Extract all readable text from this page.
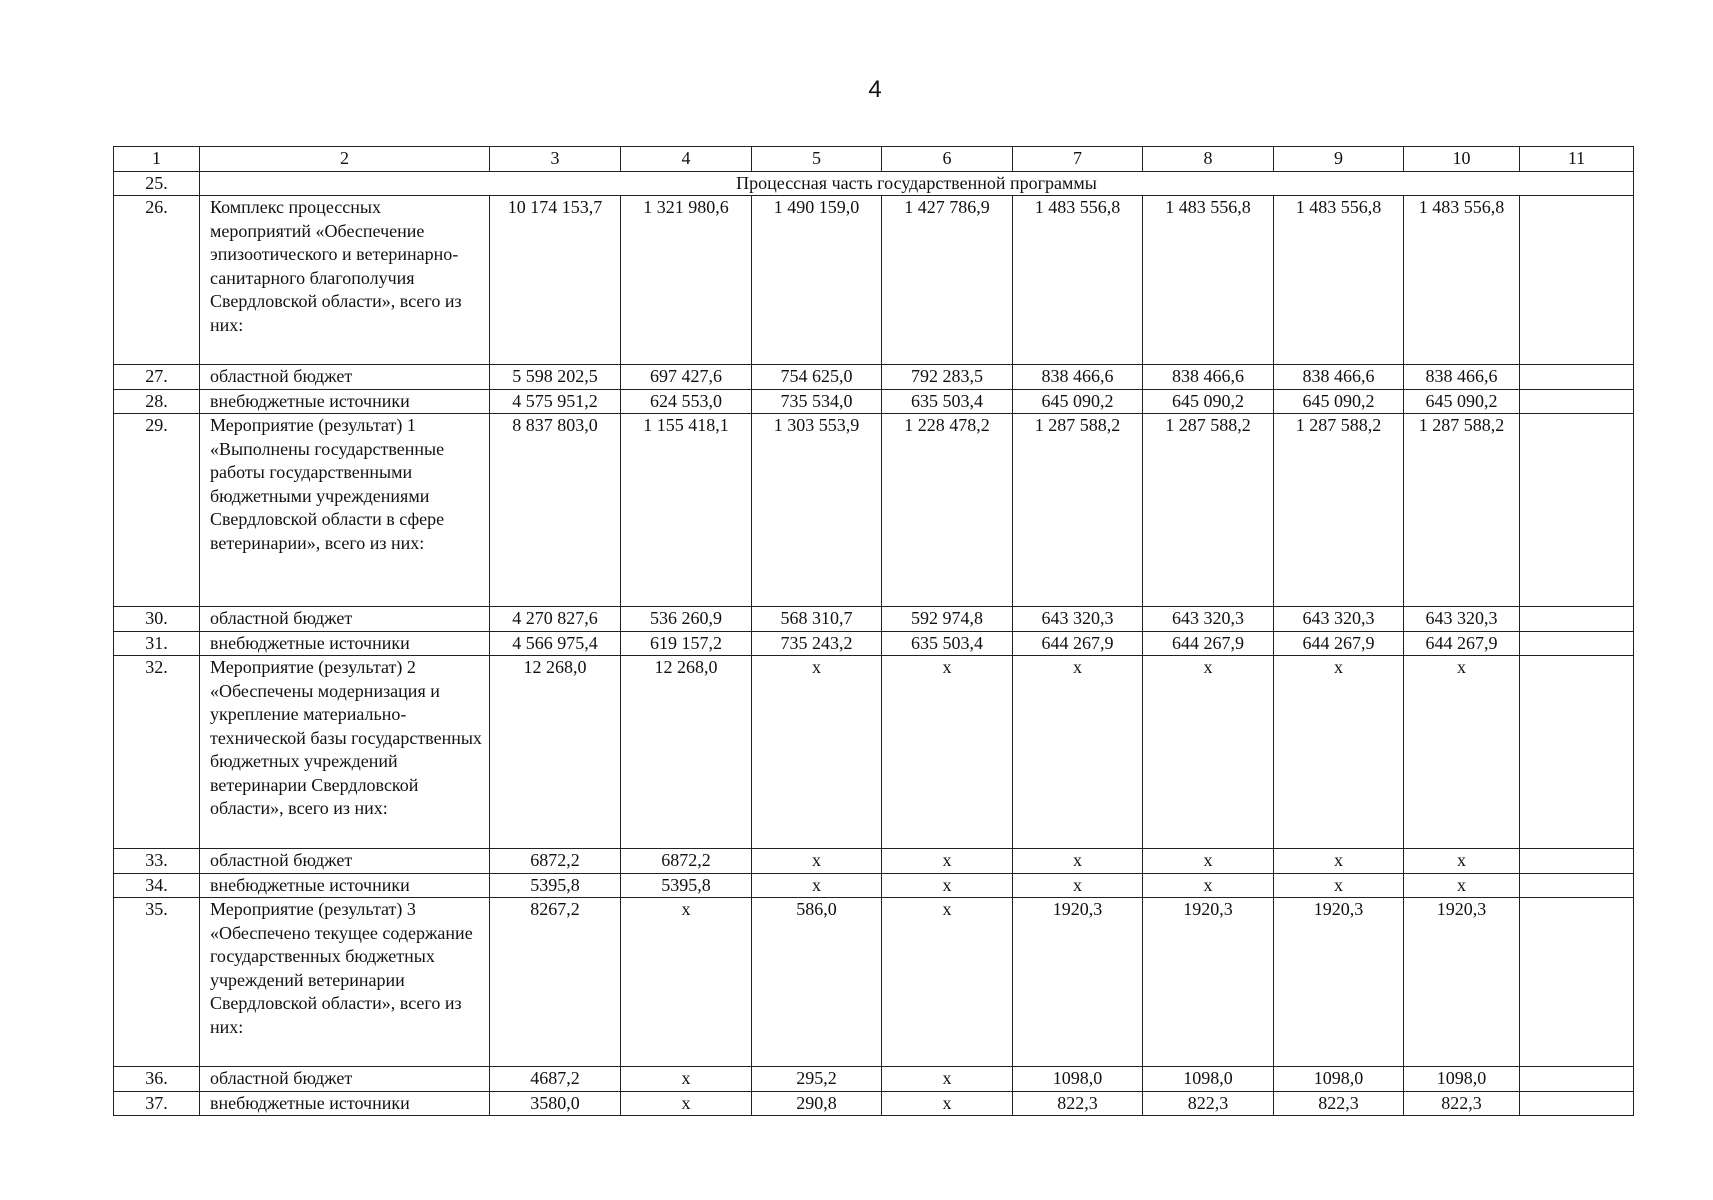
4
1	2	3	4	5	6	7	8	9	10	11
25.	Процессная часть государственной программы									
26.	Комплекс процессных мероприятий «Обеспечение эпизоотического и ветеринарно-санитарного благополучия Свердловской области», всего из них:	10 174 153,7	1 321 980,6	1 490 159,0	1 427 786,9	1 483 556,8	1 483 556,8	1 483 556,8	1 483 556,8	
27.	областной бюджет	5 598 202,5	697 427,6	754 625,0	792 283,5	838 466,6	838 466,6	838 466,6	838 466,6	
28.	внебюджетные источники	4 575 951,2	624 553,0	735 534,0	635 503,4	645 090,2	645 090,2	645 090,2	645 090,2	
29.	Мероприятие (результат) 1 «Выполнены государственные работы государственными бюджетными учреждениями Свердловской области в сфере ветеринарии», всего из них:	8 837 803,0	1 155 418,1	1 303 553,9	1 228 478,2	1 287 588,2	1 287 588,2	1 287 588,2	1 287 588,2	
30.	областной бюджет	4 270 827,6	536 260,9	568 310,7	592 974,8	643 320,3	643 320,3	643 320,3	643 320,3	
31.	внебюджетные источники	4 566 975,4	619 157,2	735 243,2	635 503,4	644 267,9	644 267,9	644 267,9	644 267,9	
32.	Мероприятие (результат) 2 «Обеспечены модернизация и укрепление материально-технической базы государственных бюджетных учреждений ветеринарии Свердловской области», всего из них:	12 268,0	12 268,0	х	х	х	х	х	х	
33.	областной бюджет	6872,2	6872,2	х	х	х	х	х	х	
34.	внебюджетные источники	5395,8	5395,8	х	х	х	х	х	х	
35.	Мероприятие (результат) 3 «Обеспечено текущее содержание государственных бюджетных учреждений ветеринарии Свердловской области», всего из них:	8267,2	х	586,0	х	1920,3	1920,3	1920,3	1920,3	
36.	областной бюджет	4687,2	х	295,2	х	1098,0	1098,0	1098,0	1098,0	
37.	внебюджетные источники	3580,0	х	290,8	х	822,3	822,3	822,3	822,3	
